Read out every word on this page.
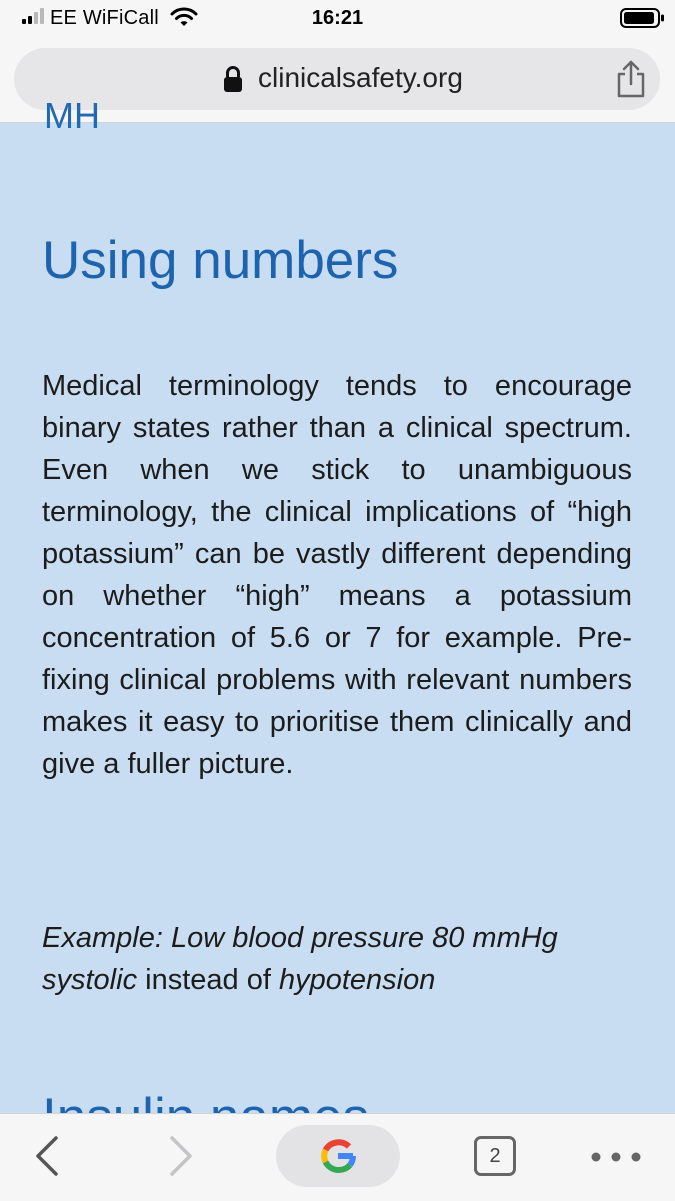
EE WiFiCall	16:21
clinicalsafety.org
MH
Using numbers

Medical terminology tends to encourage binary states rather than a clinical spectrum. Even when we stick to unambiguous terminology, the clinical implications of “high potassium” can be vastly different depending on whether “high” means a potassium concentration of 5.6 or 7 for example. Pre-fixing clinical problems with relevant numbers makes it easy to prioritise them clinically and give a fuller picture.

Example: Low blood pressure 80 mmHg systolic instead of hypotension

2
